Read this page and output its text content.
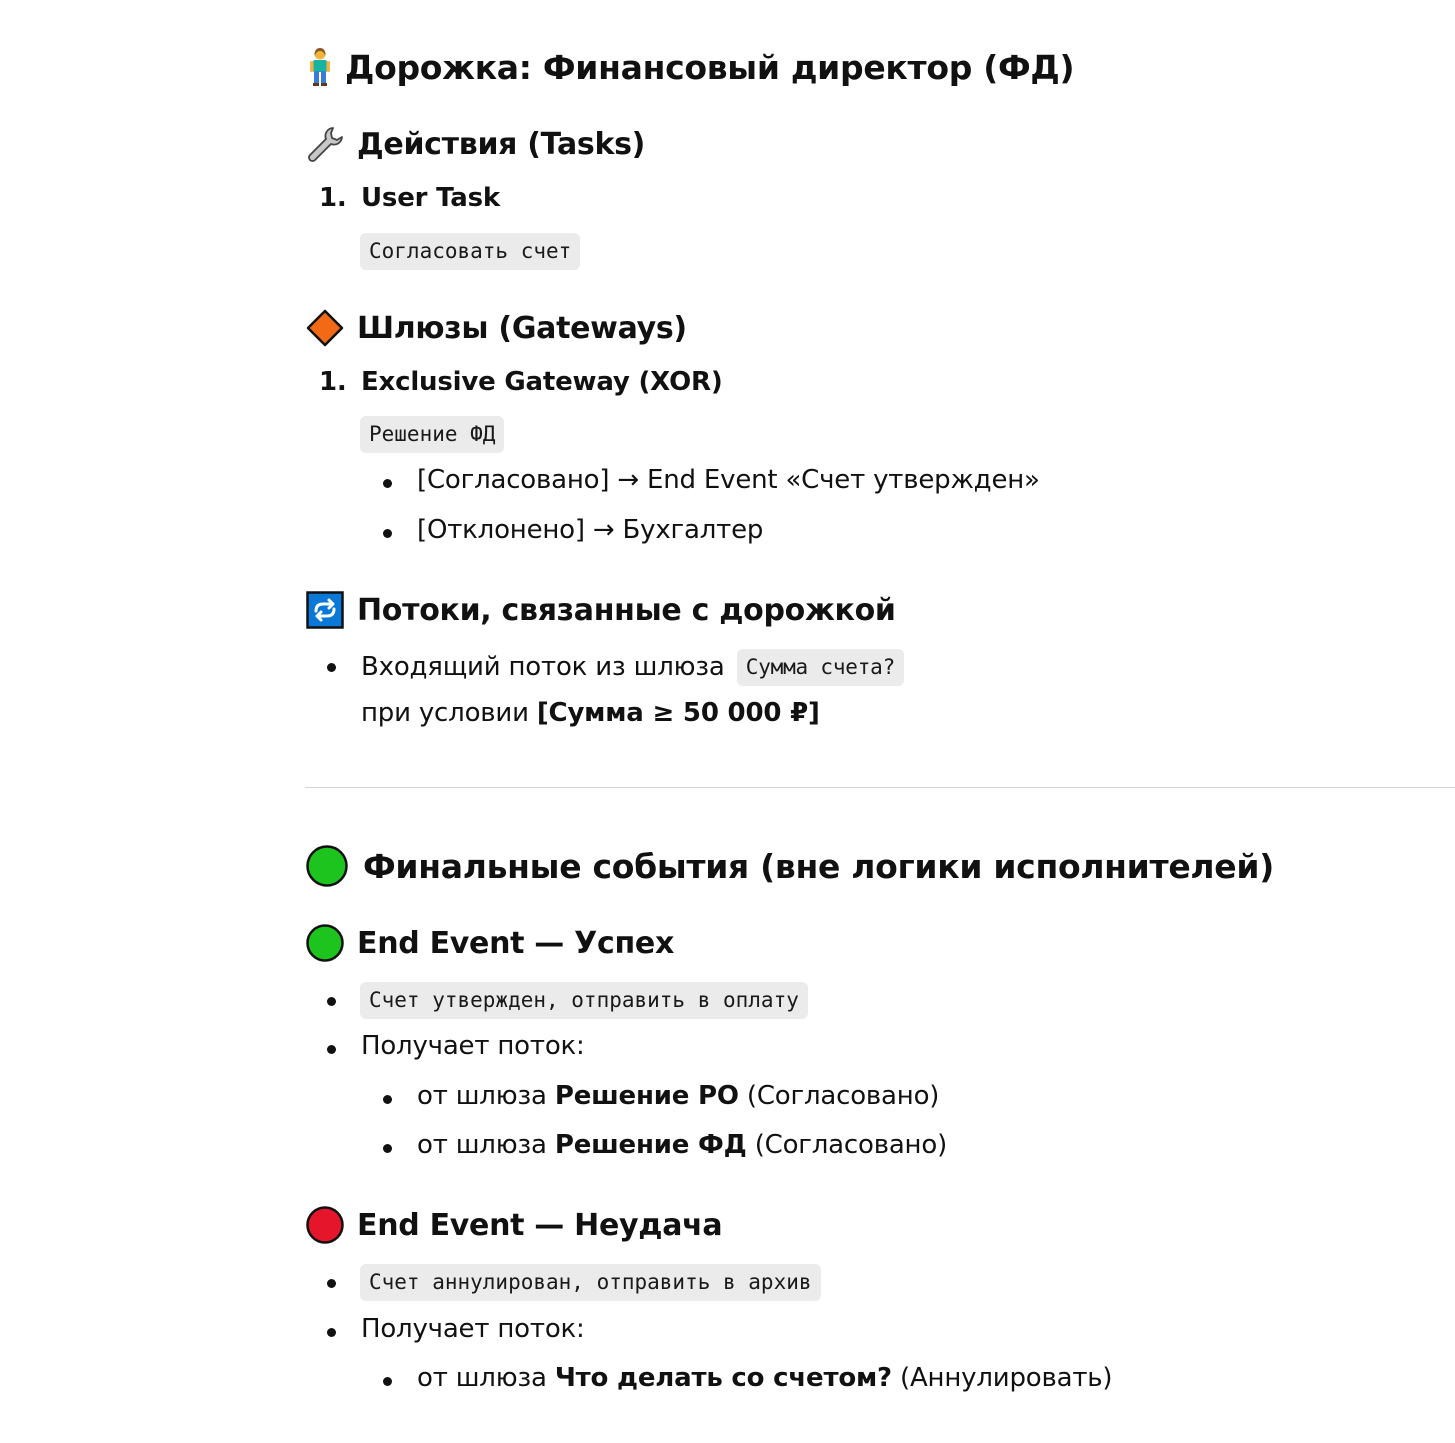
Дорожка: Финансовый директор (ФД)
Действия (Tasks)
1. User Task
Согласовать счет
Шлюзы (Gateways)
1. Exclusive Gateway (XOR)
Решение ФД
[Согласовано] → End Event «Счет утвержден»
[Отклонено] → Бухгалтер
Потоки, связанные с дорожкой
Входящий поток из шлюза Сумма счета?
при условии [Сумма ≥ 50 000 ₽]
Финальные события (вне логики исполнителей)
End Event — Успех
Счет утвержден, отправить в оплату
Получает поток:
от шлюза Решение РО (Согласовано)
от шлюза Решение ФД (Согласовано)
End Event — Неудача
Счет аннулирован, отправить в архив
Получает поток:
от шлюза Что делать со счетом? (Аннулировать)
